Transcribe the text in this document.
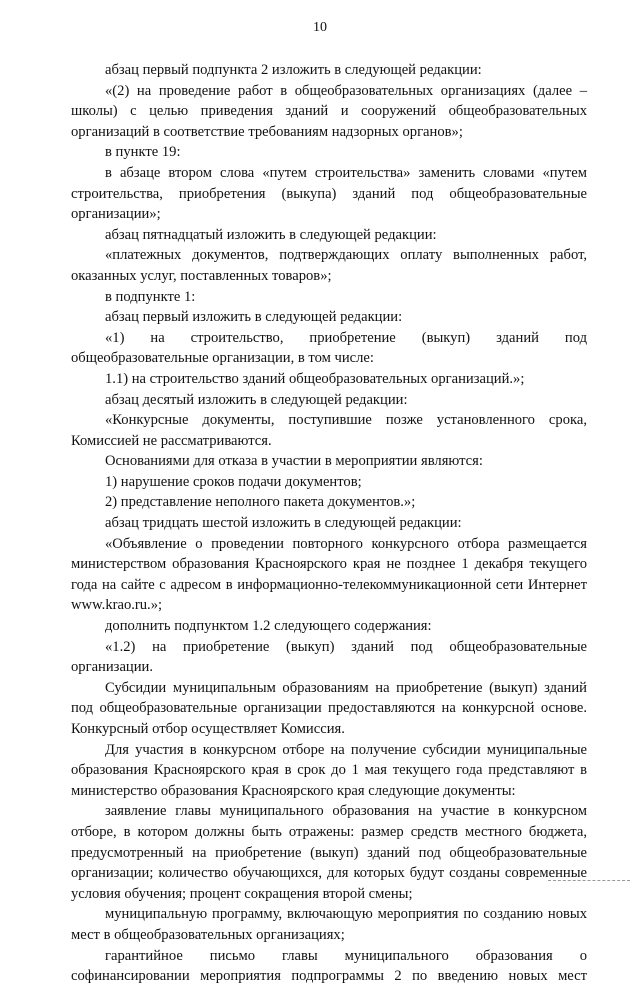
10

абзац первый подпункта 2 изложить в следующей редакции:

«(2) на проведение работ в общеобразовательных организациях (далее – школы) с целью приведения зданий и сооружений общеобразовательных организаций в соответствие требованиям надзорных органов»;

в пункте 19:

в абзаце втором слова «путем строительства» заменить словами «путем строительства, приобретения (выкупа) зданий под общеобразовательные организации»;

абзац пятнадцатый изложить в следующей редакции:

«платежных документов, подтверждающих оплату выполненных работ, оказанных услуг, поставленных товаров»;

в подпункте 1:

абзац первый изложить в следующей редакции:

«1) на строительство, приобретение (выкуп) зданий под общеобразовательные организации, в том числе:

1.1) на строительство зданий общеобразовательных организаций.»;

абзац десятый изложить в следующей редакции:

«Конкурсные документы, поступившие позже установленного срока, Комиссией не рассматриваются.

Основаниями для отказа в участии в мероприятии являются:

1) нарушение сроков подачи документов;

2) представление неполного пакета документов.»;

абзац тридцать шестой изложить в следующей редакции:

«Объявление о проведении повторного конкурсного отбора размещается министерством образования Красноярского края не позднее 1 декабря текущего года на сайте с адресом в информационно-телекоммуникационной сети Интернет www.krao.ru.»;

дополнить подпунктом 1.2 следующего содержания:

«1.2) на приобретение (выкуп) зданий под общеобразовательные организации.

Субсидии муниципальным образованиям на приобретение (выкуп) зданий под общеобразовательные организации предоставляются на конкурсной основе. Конкурсный отбор осуществляет Комиссия.

Для участия в конкурсном отборе на получение субсидии муниципальные образования Красноярского края в срок до 1 мая текущего года представляют в министерство образования Красноярского края следующие документы:

заявление главы муниципального образования на участие в конкурсном отборе, в котором должны быть отражены: размер средств местного бюджета, предусмотренный на приобретение (выкуп) зданий под общеобразовательные организации; количество обучающихся, для которых будут созданы современные условия обучения; процент сокращения второй смены;

муниципальную программу, включающую мероприятия по созданию новых мест в общеобразовательных организациях;

гарантийное письмо главы муниципального образования о софинансировании мероприятия подпрограммы 2 по введению новых мест
